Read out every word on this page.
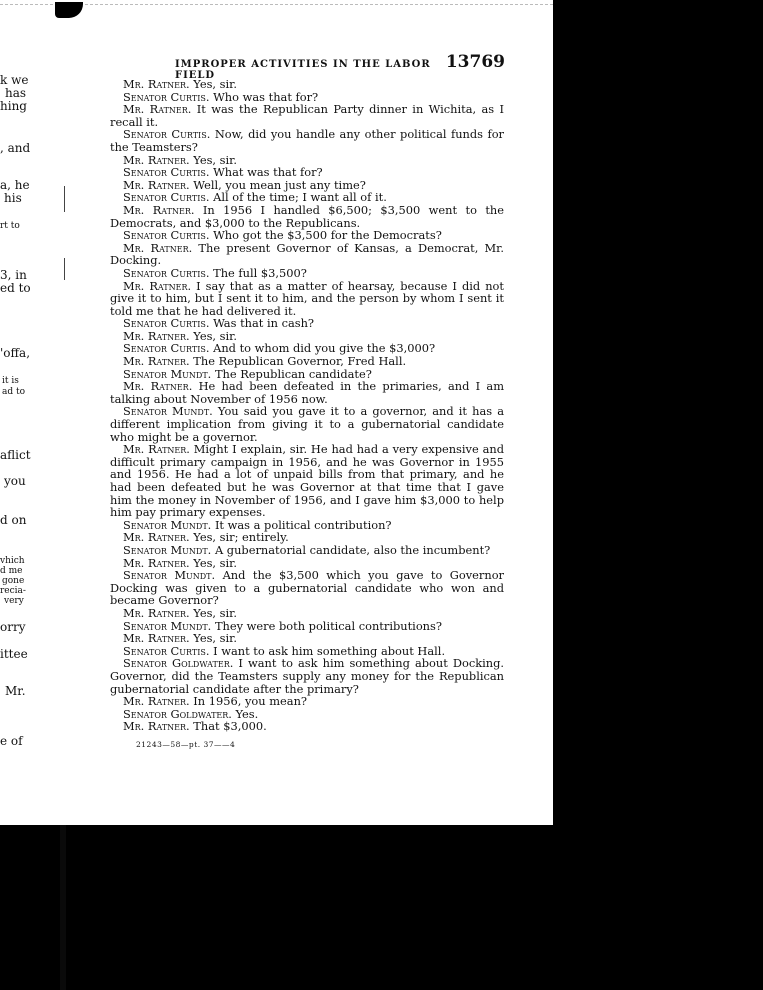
k we
has
hing
, and
a, he
his
rt to
3, in
ed to
'offa,
it is
ad to
aflict
you
d on
vhich
d me
gone
recia-
very
orry
ittee
Mr.
e of
IMPROPER ACTIVITIES IN THE LABOR FIELD
13769

Mr. Ratner. Yes, sir.

Senator Curtis. Who was that for?

Mr. Ratner. It was the Republican Party dinner in Wichita, as I recall it.

Senator Curtis. Now, did you handle any other political funds for the Teamsters?

Mr. Ratner. Yes, sir.

Senator Curtis. What was that for?

Mr. Ratner. Well, you mean just any time?

Senator Curtis. All of the time; I want all of it.

Mr. Ratner. In 1956 I handled $6,500; $3,500 went to the Democrats, and $3,000 to the Republicans.

Senator Curtis. Who got the $3,500 for the Democrats?

Mr. Ratner. The present Governor of Kansas, a Democrat, Mr. Docking.

Senator Curtis. The full $3,500?

Mr. Ratner. I say that as a matter of hearsay, because I did not give it to him, but I sent it to him, and the person by whom I sent it told me that he had delivered it.

Senator Curtis. Was that in cash?

Mr. Ratner. Yes, sir.

Senator Curtis. And to whom did you give the $3,000?

Mr. Ratner. The Republican Governor, Fred Hall.

Senator Mundt. The Republican candidate?

Mr. Ratner. He had been defeated in the primaries, and I am talking about November of 1956 now.

Senator Mundt. You said you gave it to a governor, and it has a different implication from giving it to a gubernatorial candidate who might be a governor.

Mr. Ratner. Might I explain, sir. He had had a very expensive and difficult primary campaign in 1956, and he was Governor in 1955 and 1956. He had a lot of unpaid bills from that primary, and he had been defeated but he was Governor at that time that I gave him the money in November of 1956, and I gave him $3,000 to help him pay primary expenses.

Senator Mundt. It was a political contribution?

Mr. Ratner. Yes, sir; entirely.

Senator Mundt. A gubernatorial candidate, also the incumbent?

Mr. Ratner. Yes, sir.

Senator Mundt. And the $3,500 which you gave to Governor Docking was given to a gubernatorial candidate who won and became Governor?

Mr. Ratner. Yes, sir.

Senator Mundt. They were both political contributions?

Mr. Ratner. Yes, sir.

Senator Curtis. I want to ask him something about Hall.

Senator Goldwater. I want to ask him something about Docking. Governor, did the Teamsters supply any money for the Republican gubernatorial candidate after the primary?

Mr. Ratner. In 1956, you mean?

Senator Goldwater. Yes.

Mr. Ratner. That $3,000.

21243—58—pt. 37——4
